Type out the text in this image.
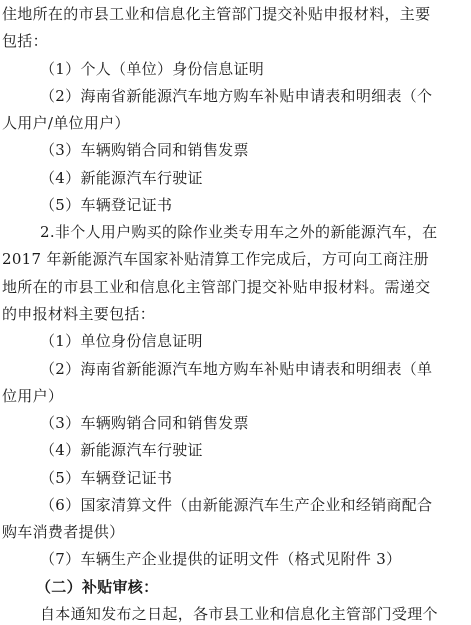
住地所在的市县工业和信息化主管部门提交补贴申报材料，主要
包括：
（1）个人（单位）身份信息证明
（2）海南省新能源汽车地方购车补贴申请表和明细表（个
人用户/单位用户）
（3）车辆购销合同和销售发票
（4）新能源汽车行驶证
（5）车辆登记证书
2.非个人用户购买的除作业类专用车之外的新能源汽车，在
2017 年新能源汽车国家补贴清算工作完成后，方可向工商注册
地所在的市县工业和信息化主管部门提交补贴申报材料。需递交
的申报材料主要包括：
（1）单位身份信息证明
（2）海南省新能源汽车地方购车补贴申请表和明细表（单
位用户）
（3）车辆购销合同和销售发票
（4）新能源汽车行驶证
（5）车辆登记证书
（6）国家清算文件（由新能源汽车生产企业和经销商配合
购车消费者提供）
（7）车辆生产企业提供的证明文件（格式见附件 3）
（二）补贴审核：
自本通知发布之日起，各市县工业和信息化主管部门受理个
